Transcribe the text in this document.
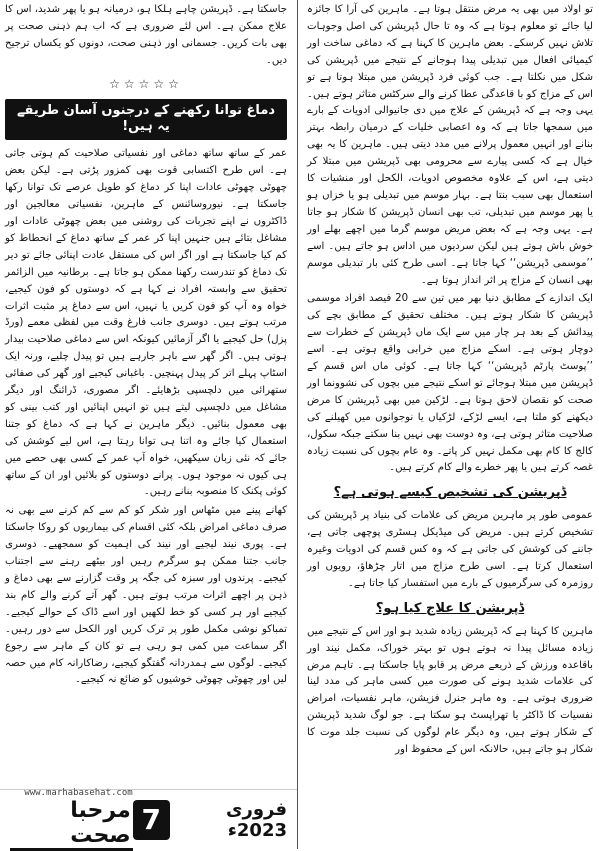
تو اولاد میں بھی یہ مرض منتقل ہوتا ہے۔ ماہرین کی آرا کا جائزہ لیا جائے تو معلوم ہوتا ہے کہ وہ تا حال ڈپریشن کی اصل وجوہات تلاش نہیں کرسکے۔ بعض ماہرین کا کہنا ہے کہ دماغی ساخت اور کیمیائی افعال میں تبدیلی پیدا ہوجانے کے نتیجے میں ڈپریشن کی شکل میں نکلتا ہے۔ جب کوئی فرد ڈپریشن میں مبتلا ہوتا ہے تو اس کے مزاج کو با قاعدگی عطا کرنے والے سرکٹس متاثر ہوتے ہیں۔ یہی وجہ ہے کہ ڈپریشن کے علاج میں دی جانیوالی ادویات کے بارے میں سمجھا جاتا ہے کہ وہ اعصابی خلیات کے درمیان رابطہ بہتر بنانے اور انہیں معمول پرلانے میں مدد دیتی ہیں۔ ماہرین کا یہ بھی خیال ہے کہ کسی پیارے سے محرومی بھی ڈپریشن میں مبتلا کر دیتی ہے، اس کے علاوہ مخصوص ادویات، الکحل اور منشیات کا استعمال بھی سبب بنتا ہے۔ بہار موسم میں تبدیلی ہو یا خزاں ہو یا پھر موسم میں تبدیلی، تب بھی انسان ڈپریشن کا شکار ہو جاتا ہے۔ یہی وجہ ہے کہ بعض مریض موسم گرما میں اچھے بھلے اور خوش باش ہوتے ہیں لیکن سردیوں میں اداس ہو جاتے ہیں۔ اسے ’’موسمی ڈپریشن‘‘ کہا جاتا ہے۔ اسی طرح کئی بار تبدیلی موسم بھی انسان کے مزاج پر اثر انداز ہوتا ہے۔

ایک اندازے کے مطابق دنیا بھر میں تین سے 20 فیصد افراد موسمی ڈپریشن کا شکار ہوتے ہیں۔ مختلف تحقیق کے مطابق بچے کی پیدائش کے بعد ہر چار میں سے ایک ماں ڈپریشن کے خطرات سے دوچار ہوتی ہے۔ اسکے مزاج میں خرابی واقع ہوتی ہے۔ اسے ’’پوسٹ پارٹم ڈپریشن‘‘ کہا جاتا ہے۔ کوئی ماں اس قسم کے ڈپریشن میں مبتلا ہوجائے تو اسکے نتیجے میں بچوں کی نشوونما اور صحت کو نقصان لاحق ہوتا ہے۔ لڑکین میں بھی ڈپریشن کا مرض دیکھنے کو ملتا ہے، ایسے لڑکے، لڑکیاں یا نوجوانوں میں کھیلنے کی صلاحیت متاثر ہوتی ہے، وہ دوست بھی نہیں بنا سکتے جبکہ سکول، کالج کا کام بھی مکمل نہیں کر پاتے۔ وہ عام بچوں کی نسبت زیادہ غصہ کرتے ہیں یا پھر خطرے والے کام کرتے ہیں۔

ڈپریشن کی تشخیص کیسے ہوتی ہے؟

عمومی طور پر ماہرین مریض کی علامات کی بنیاد پر ڈپریشن کی تشخیص کرتے ہیں۔ مریض کی میڈیکل ہسٹری پوچھی جاتی ہے، جاننے کی کوشش کی جاتی ہے کہ وہ کس قسم کی ادویات وغیرہ استعمال کرتا ہے۔ اسی طرح مزاج میں اتار چڑھاؤ، رویوں اور روزمرہ کی سرگرمیوں کے بارے میں استفسار کیا جاتا ہے۔

ڈپریشن کا علاج کیا ہو؟

ماہرین کا کہنا ہے کہ ڈپریشن زیادہ شدید ہو اور اس کے نتیجے میں زیادہ مسائل پیدا نہ ہوتے ہوں تو بہتر خوراک، مکمل نیند اور باقاعدہ ورزش کے ذریعے مرض پر قابو پایا جاسکتا ہے۔ تاہم مرض کی علامات شدید ہونے کی صورت میں کسی ماہر کی مدد لینا ضروری ہوتی ہے۔ وہ ماہر جنرل فزیشن، ماہر نفسیات، امراض نفسیات کا ڈاکٹر یا تھراپسٹ ہو سکتا ہے۔ جو لوگ شدید ڈپریشن کے شکار ہوتے ہیں، وہ دیگر عام لوگوں کی نسبت جلد موت کا شکار ہو جاتے ہیں، حالانکہ اس کے محفوظ اور

جاسکتا ہے۔ ڈپریشن چاہے ہلکا ہو، درمیانہ ہو یا پھر شدید، اس کا علاج ممکن ہے۔ اس لئے ضروری ہے کہ اب ہم ذہنی صحت پر بھی بات کریں۔ جسمانی اور ذہنی صحت، دونوں کو یکساں ترجیح دیں۔

☆☆☆☆☆
دماغ توانا رکھنے کے درجنوں آسان طریقے یہ ہیں!

عمر کے ساتھ ساتھ دماغی اور نفسیاتی صلاحیت کم ہوتی جاتی ہے۔ اس طرح اکتسابی قوت بھی کمزور پڑتی ہے۔ لیکن بعض چھوٹی چھوٹی عادات اپنا کر دماغ کو طویل عرصے تک توانا رکھا جاسکتا ہے۔ نیوروسائنس کے ماہرین، نفسیاتی معالجین اور ڈاکٹروں نے اپنے تجربات کی روشنی میں بعض چھوٹی عادات اور مشاغل بتائے ہیں جنہیں اپنا کر عمر کے ساتھ دماغ کے انحطاط کو کم کیا جاسکتا ہے اور اگر اس کی مستقل عادت اپنائی جائے تو دیر تک دماغ کو تندرست رکھنا ممکن ہو جاتا ہے۔ برطانیہ میں الزائمر تحقیق سے وابستہ افراد نے کہا ہے کہ دوستوں کو فون کیجیے، خواہ وہ آپ کو فون کریں یا نہیں، اس سے دماغ پر مثبت اثرات مرتب ہوتے ہیں۔ دوسری جانب فارغ وقت میں لفظی معمے (ورڈ پزل) حل کیجیے یا اگر آزمائیں کیونکہ اس سے دماغی صلاحیت بیدار ہوتی ہیں۔ اگر گھر سے باہر جارہے ہیں تو پیدل چلیے، ورنہ ایک اسٹاپ پہلے اتر کر پیدل پہنچیں۔ باغبانی کیجیے اور گھر کی صفائی ستھرائی میں دلچسپی بڑھایئے۔ اگر مصوری، ڈرائنگ اور دیگر مشاغل میں دلچسپی لیتے ہیں تو انہیں اپنائیں اور کتب بینی کو بھی معمول بنائیں۔ دیگر ماہرین نے کہا ہے کہ دماغ کو جتنا استعمال کیا جائے وہ اتنا ہی توانا رہتا ہے، اس لیے کوشش کی جائے کہ نئی زبان سیکھیں، خواہ آپ عمر کے کسی بھی حصے میں ہی کیوں نہ موجود ہوں۔ پرانے دوستوں کو بلائیں اور ان کے ساتھ کوئی پکنک کا منصوبہ بنانے رہیں۔

کھانے پینے میں مٹھاس اور شکر کو کم سے کم کرنے سے بھی نہ صرف دماغی امراض بلکہ کئی اقسام کی بیماریوں کو روکا جاسکتا ہے۔ پوری نیند لیجیے اور نیند کی اہمیت کو سمجھیے۔ دوسری جانب جتنا ممکن ہو سرگرم رہیں اور بیٹھے رہنے سے اجتناب کیجیے۔ پرندوں اور سبزہ کی جگہ پر وقت گزارنے سے بھی دماغ و ذہن پر اچھے اثرات مرتب ہوتے ہیں۔ گھر آتے کرنے والے کام بند کیجیے اور ہر کسی کو خط لکھیں اور اسے ڈاک کے حوالے کیجیے۔ تمباکو نوشی مکمل طور پر ترک کریں اور الکحل سے دور رہیں۔ اگر سماعت میں کمی ہو رہی ہے تو کان کے ماہر سے رجوع کیجیے۔ لوگوں سے ہمدردانہ گفتگو کیجیے، رضاکارانہ کام میں حصہ لیں اور چھوٹی چھوٹی خوشیوں کو ضائع نہ کیجیے۔

www.marhabasehat.com
مرحبا صحت 7	فروری 2023ء
